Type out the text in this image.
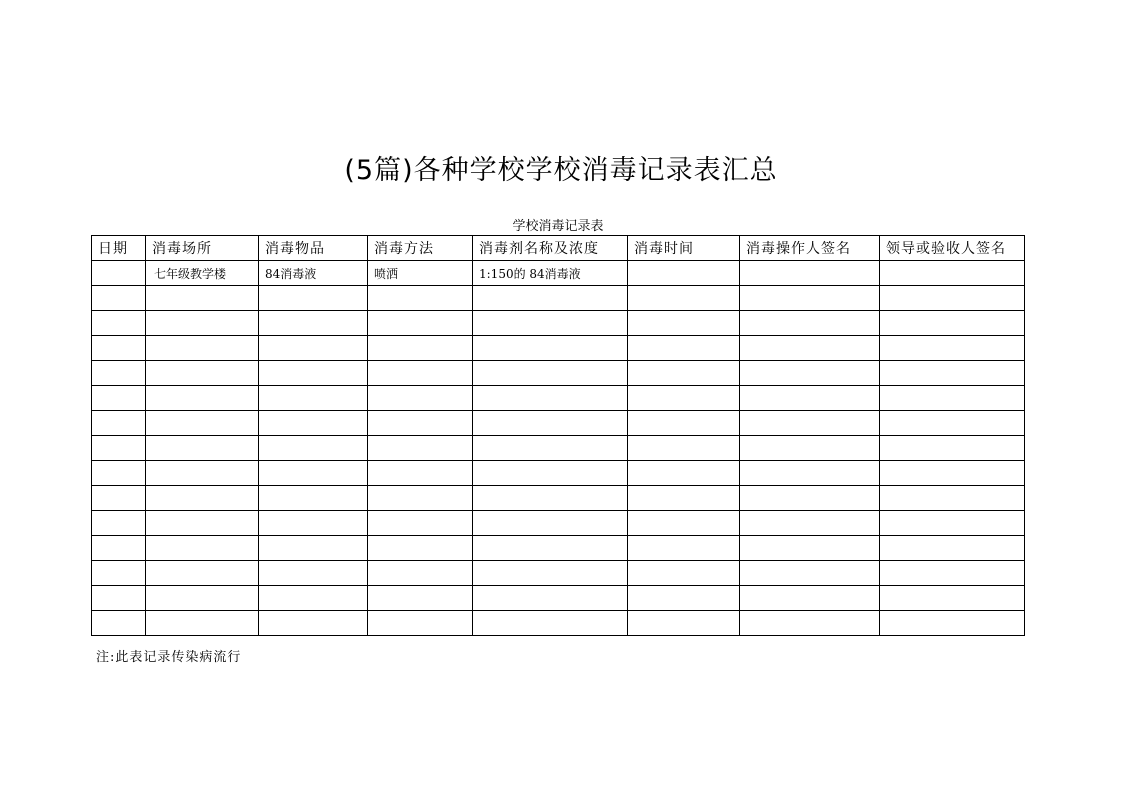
(5篇)各种学校学校消毒记录表汇总
学校消毒记录表
日期	消毒场所	消毒物品	消毒方法	消毒剂名称及浓度	消毒时间	消毒操作人签名	领导或验收人签名
	七年级教学楼	84消毒液	喷洒	1:150的 84消毒液			

注:此表记录传染病流行
